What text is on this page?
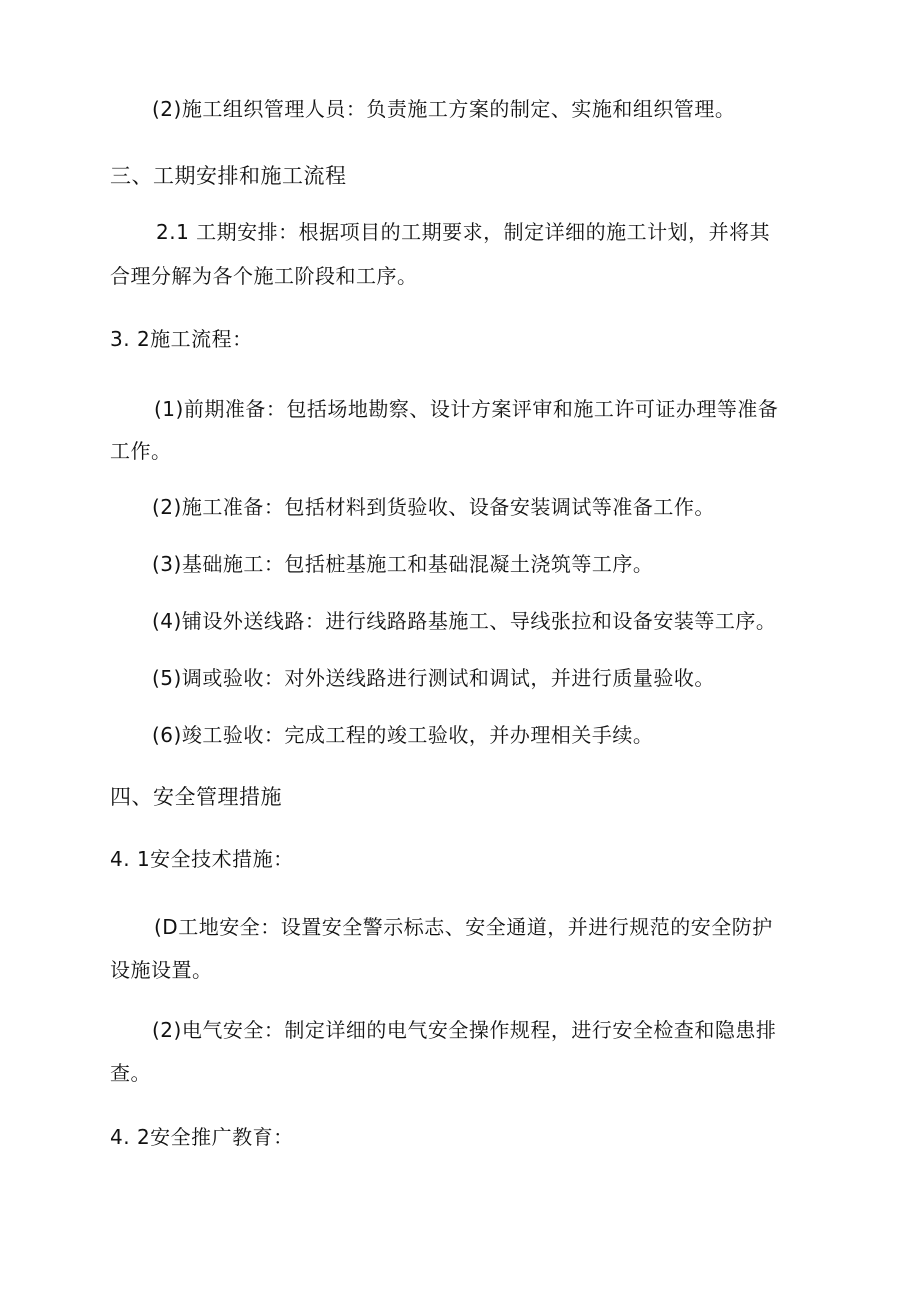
(2)施工组织管理人员：负责施工方案的制定、实施和组织管理。
三、工期安排和施工流程
2.1 工期安排：根据项目的工期要求，制定详细的施工计划，并将其
合理分解为各个施工阶段和工序。
3. 2施工流程：
(1)前期准备：包括场地勘察、设计方案评审和施工许可证办理等准备
工作。
(2)施工准备：包括材料到货验收、设备安装调试等准备工作。
(3)基础施工：包括桩基施工和基础混凝土浇筑等工序。
(4)铺设外送线路：进行线路路基施工、导线张拉和设备安装等工序。
(5)调或验收：对外送线路进行测试和调试，并进行质量验收。
(6)竣工验收：完成工程的竣工验收，并办理相关手续。
四、安全管理措施
4. 1安全技术措施：
(D工地安全：设置安全警示标志、安全通道，并进行规范的安全防护
设施设置。
(2)电气安全：制定详细的电气安全操作规程，进行安全检查和隐患排
查。
4. 2安全推广教育：
